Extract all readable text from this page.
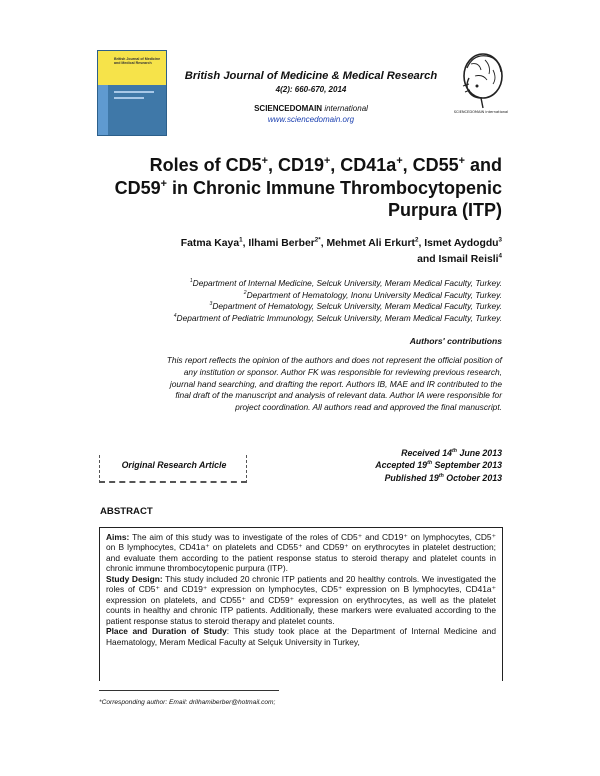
British Journal of Medicine and Medical Research
British Journal of Medicine & Medical Research
4(2): 660-670, 2014
SCIENCEDOMAIN international
www.sciencedomain.org
SCIENCEDOMAIN international
Roles of CD5+, CD19+, CD41a+, CD55+ and
CD59+ in Chronic Immune Thrombocytopenic
Purpura (ITP)
Fatma Kaya$^1$, Ilhami Berber$^{2*}$, Mehmet Ali Erkurt$^2$, Ismet Aydogdu$^3$
and Ismail Reisli$^4$
$^1$Department of Internal Medicine, Selcuk University, Meram Medical Faculty, Turkey.
$^2$Department of Hematology, Inonu University Medical Faculty, Turkey.
$^3$Department of Hematology, Selcuk University, Meram Medical Faculty, Turkey.
$^4$Department of Pediatric Immunology, Selcuk University, Meram Medical Faculty, Turkey.
Authors' contributions
This report reflects the opinion of the authors and does not represent the official position of
any institution or sponsor. Author FK was responsible for reviewing previous research,
journal hand searching, and drafting the report. Authors IB, MAE and IR contributed to the
final draft of the manuscript and analysis of relevant data. Author IA were responsible for
project coordination. All authors read and approved the final manuscript.
Original Research Article
Received 14th June 2013
Accepted 19th September 2013
Published 19th October 2013
ABSTRACT
Aims: The aim of this study was to investigate of the roles of CD5⁺ and CD19⁺ on lymphocytes, CD5⁺ on B lymphocytes, CD41a⁺ on platelets and CD55⁺ and CD59⁺ on erythrocytes in platelet destruction; and evaluate them according to the patient response status to steroid therapy and platelet counts in chronic immune thrombocytopenic purpura (ITP).
Study Design: This study included 20 chronic ITP patients and 20 healthy controls. We investigated the roles of CD5⁺ and CD19⁺ expression on lymphocytes, CD5⁺ expression on B lymphocytes, CD41a⁺ expression on platelets, and CD55⁺ and CD59⁺ expression on erythrocytes, as well as the platelet counts in healthy and chronic ITP patients. Additionally, these markers were evaluated according to the patient response status to steroid therapy and platelet counts.
Place and Duration of Study: This study took place at the Department of Internal Medicine and Haematology, Meram Medical Faculty at Selçuk University in Turkey,
*Corresponding author: Email: drilhamiberber@hotmail.com;
